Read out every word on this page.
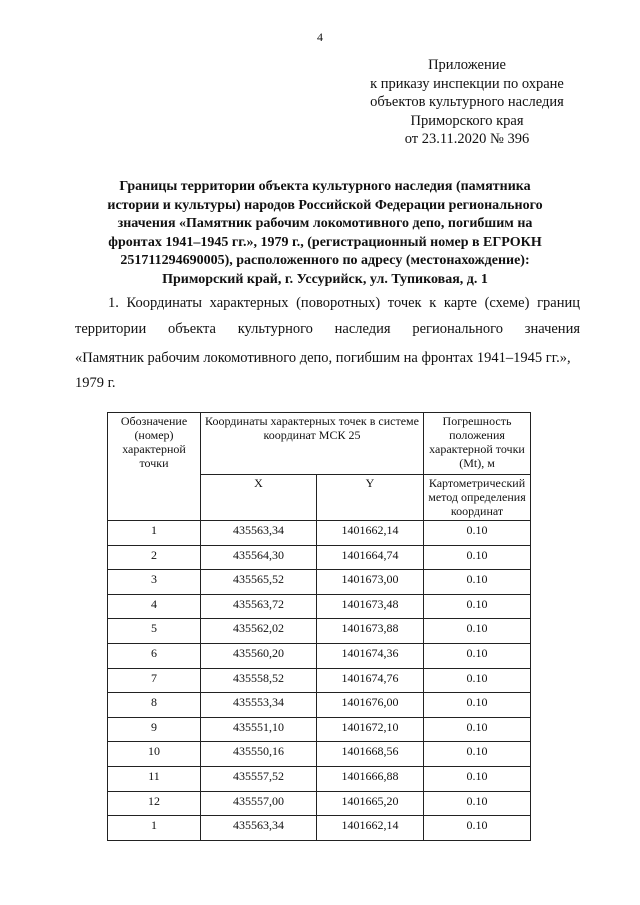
4
Приложение
к приказу инспекции по охране
объектов культурного наследия
Приморского края
от 23.11.2020 № 396
Границы территории объекта культурного наследия (памятника
истории и культуры) народов Российской Федерации регионального
значения «Памятник рабочим локомотивного депо, погибшим на
фронтах 1941–1945 гг.», 1979 г., (регистрационный номер в ЕГРОКН
251711294690005), расположенного по адресу (местонахождение):
Приморский край, г. Уссурийск, ул. Тупиковая, д. 1
1. Координаты характерных (поворотных) точек к карте (схеме) границ
территории объекта культурного наследия регионального значения
«Памятник рабочим локомотивного депо, погибшим на фронтах 1941–1945 гг.»,
1979 г.
Обозначение (номер) характерной точки	Координаты характерных точек в системе координат МСК 25		Погрешность положения характерной точки (Mt), м
	X	Y	Картометрический метод определения координат
1	435563,34	1401662,14	0.10
2	435564,30	1401664,74	0.10
3	435565,52	1401673,00	0.10
4	435563,72	1401673,48	0.10
5	435562,02	1401673,88	0.10
6	435560,20	1401674,36	0.10
7	435558,52	1401674,76	0.10
8	435553,34	1401676,00	0.10
9	435551,10	1401672,10	0.10
10	435550,16	1401668,56	0.10
11	435557,52	1401666,88	0.10
12	435557,00	1401665,20	0.10
1	435563,34	1401662,14	0.10
